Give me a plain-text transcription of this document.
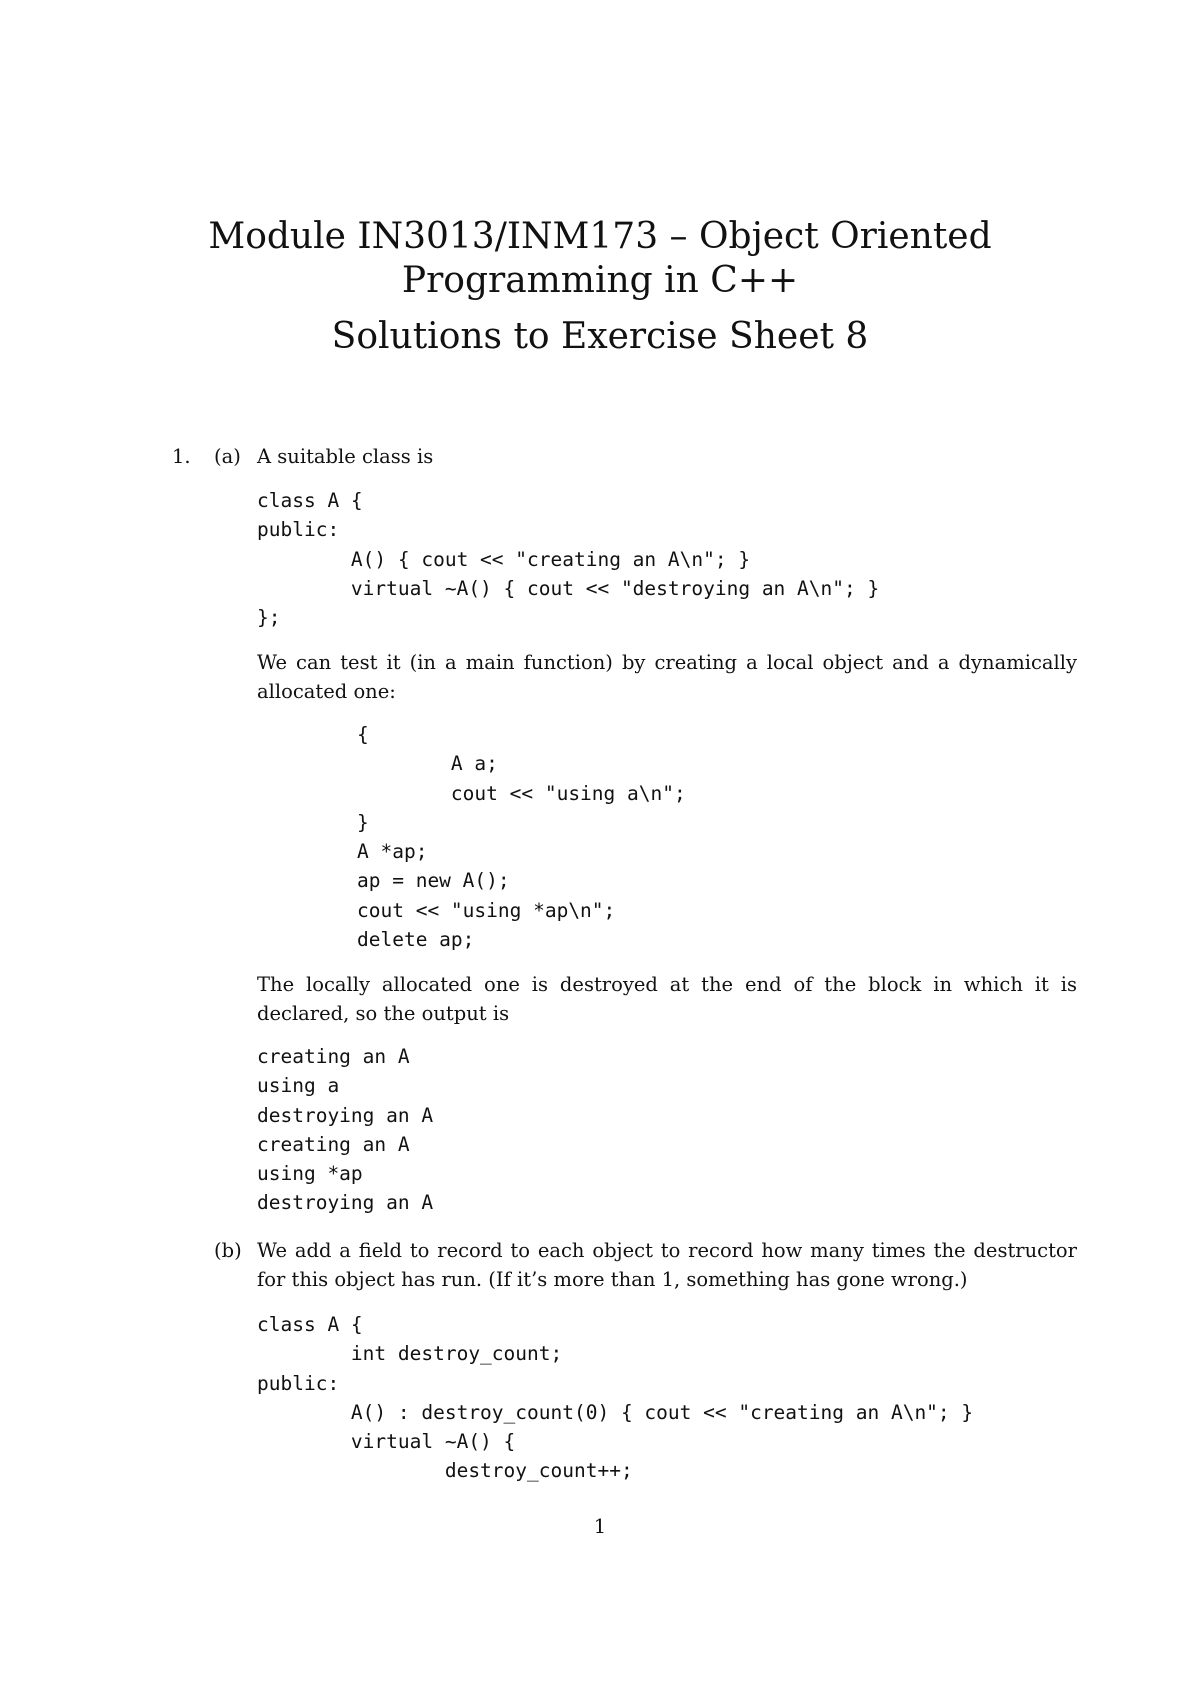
Module IN3013/INM173 – Object Oriented
Programming in C++
Solutions to Exercise Sheet 8
1. (a) A suitable class is
class A {
public:
A() { cout << "creating an A\n"; }
virtual ~A() { cout << "destroying an A\n"; }
};
We can test it (in a main function) by creating a local object and a dynamically
allocated one:
{
A a;
cout << "using a\n";
}
A *ap;
ap = new A();
cout << "using *ap\n";
delete ap;
The locally allocated one is destroyed at the end of the block in which it is
declared, so the output is
creating an A
using a
destroying an A
creating an A
using *ap
destroying an A
(b) We add a field to record to each object to record how many times the destructor
for this object has run. (If it’s more than 1, something has gone wrong.)
class A {
int destroy_count;
public:
A() : destroy_count(0) { cout << "creating an A\n"; }
virtual ~A() {
destroy_count++;
1
